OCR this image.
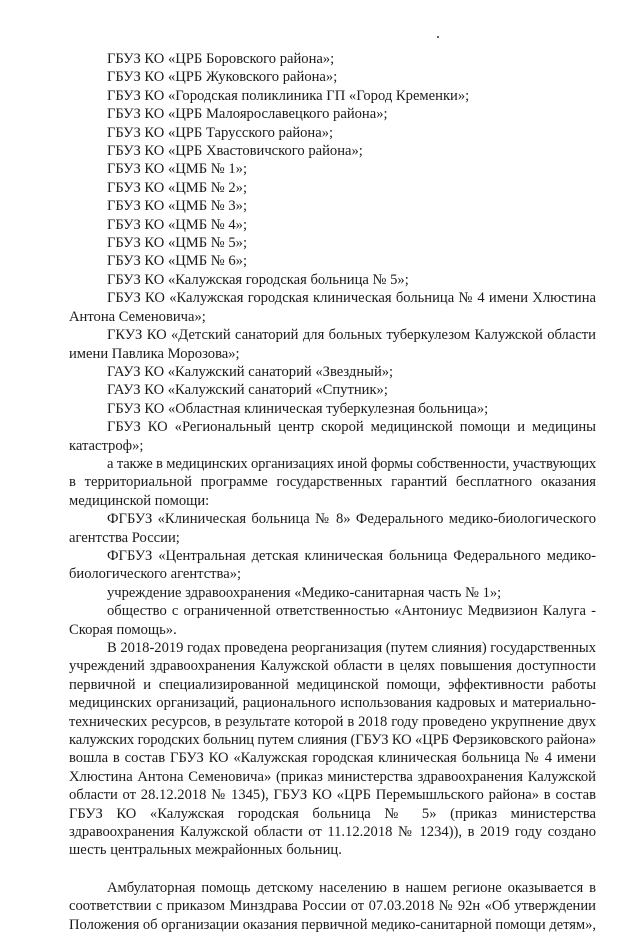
ГБУЗ КО «ЦРБ Боровского района»;
ГБУЗ КО «ЦРБ Жуковского района»;
ГБУЗ КО «Городская поликлиника ГП «Город Кременки»;
ГБУЗ КО «ЦРБ Малоярославецкого района»;
ГБУЗ КО «ЦРБ Тарусского района»;
ГБУЗ КО «ЦРБ Хвастовичского района»;
ГБУЗ КО «ЦМБ № 1»;
ГБУЗ КО «ЦМБ № 2»;
ГБУЗ КО «ЦМБ № 3»;
ГБУЗ КО «ЦМБ № 4»;
ГБУЗ КО «ЦМБ № 5»;
ГБУЗ КО «ЦМБ № 6»;
ГБУЗ КО «Калужская городская больница № 5»;
ГБУЗ КО «Калужская городская клиническая больница № 4 имени Хлюстина
Антона Семеновича»;
ГКУЗ КО «Детский санаторий для больных туберкулезом Калужской области
имени Павлика Морозова»;
ГАУЗ КО «Калужский санаторий «Звездный»;
ГАУЗ КО «Калужский санаторий «Спутник»;
ГБУЗ КО «Областная клиническая туберкулезная больница»;
ГБУЗ КО «Региональный центр скорой медицинской помощи и медицины
катастроф»;
а также в медицинских организациях иной формы собственности, участвующих
в территориальной программе государственных гарантий бесплатного оказания
медицинской помощи:
ФГБУЗ «Клиническая больница № 8» Федерального медико-биологического
агентства России;
ФГБУЗ «Центральная детская клиническая больница Федерального медико-
биологического агентства»;
учреждение здравоохранения «Медико-санитарная часть № 1»;
общество с ограниченной ответственностью «Антониус Медвизион Калуга -
Скорая помощь».
В 2018-2019 годах проведена реорганизация (путем слияния) государственных
учреждений здравоохранения Калужской области в целях повышения доступности
первичной и специализированной медицинской помощи, эффективности работы
медицинских организаций, рационального использования кадровых и материально-
технических ресурсов, в результате которой в 2018 году проведено укрупнение двух
калужских городских больниц путем слияния (ГБУЗ КО «ЦРБ Ферзиковского района»
вошла в состав ГБУЗ КО «Калужская городская клиническая больница № 4 имени
Хлюстина Антона Семеновича» (приказ министерства здравоохранения Калужской
области от 28.12.2018 № 1345), ГБУЗ КО «ЦРБ Перемышльского района» в состав
ГБУЗ КО «Калужская городская больница № 5» (приказ министерства
здравоохранения Калужской области от 11.12.2018 № 1234)), в 2019 году создано
шесть центральных межрайонных больниц.
Амбулаторная помощь детскому населению в нашем регионе оказывается в
соответствии с приказом Минздрава России от 07.03.2018 № 92н «Об утверждении
Положения об организации оказания первичной медико-санитарной помощи детям»,
